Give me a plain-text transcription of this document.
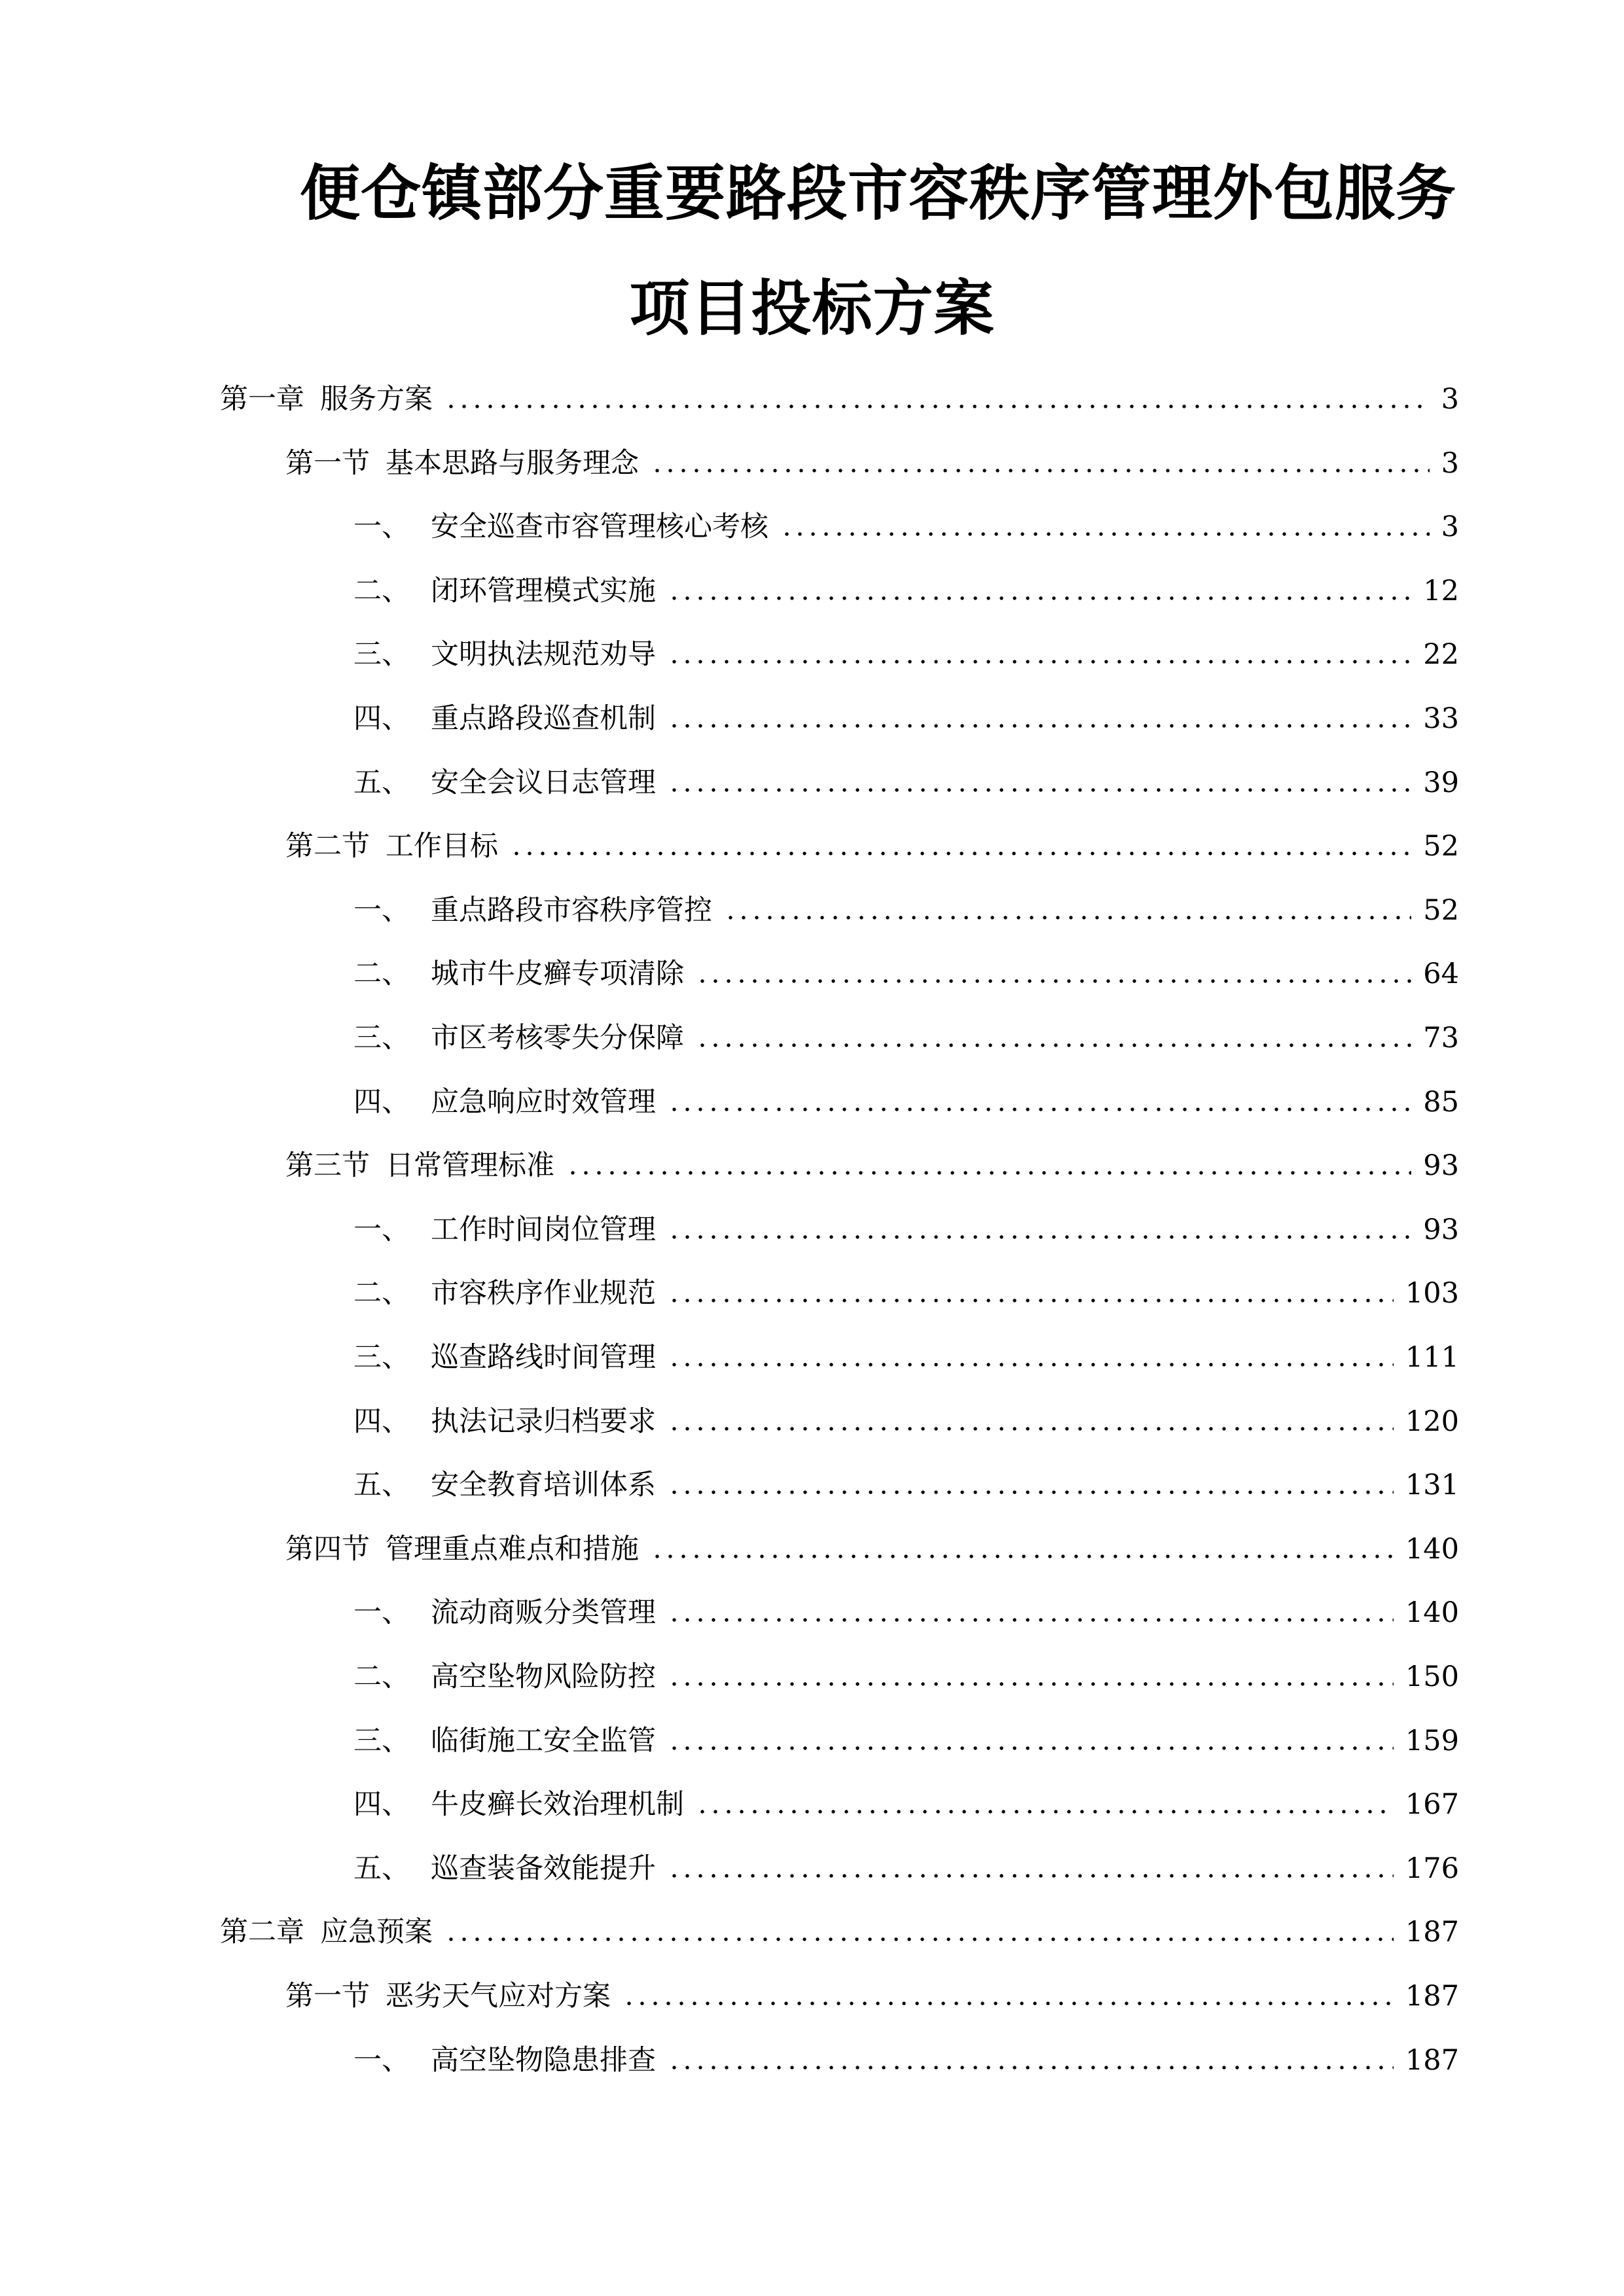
便仓镇部分重要路段市容秩序管理外包服务
项目投标方案
第一章 服务方案	3
第一节 基本思路与服务理念	3
一、 安全巡查市容管理核心考核	3
二、 闭环管理模式实施	12
三、 文明执法规范劝导	22
四、 重点路段巡查机制	33
五、 安全会议日志管理	39
第二节 工作目标	52
一、 重点路段市容秩序管控	52
二、 城市牛皮癣专项清除	64
三、 市区考核零失分保障	73
四、 应急响应时效管理	85
第三节 日常管理标准	93
一、 工作时间岗位管理	93
二、 市容秩序作业规范	103
三、 巡查路线时间管理	111
四、 执法记录归档要求	120
五、 安全教育培训体系	131
第四节 管理重点难点和措施	140
一、 流动商贩分类管理	140
二、 高空坠物风险防控	150
三、 临街施工安全监管	159
四、 牛皮癣长效治理机制	167
五、 巡查装备效能提升	176
第二章 应急预案	187
第一节 恶劣天气应对方案	187
一、 高空坠物隐患排查	187
